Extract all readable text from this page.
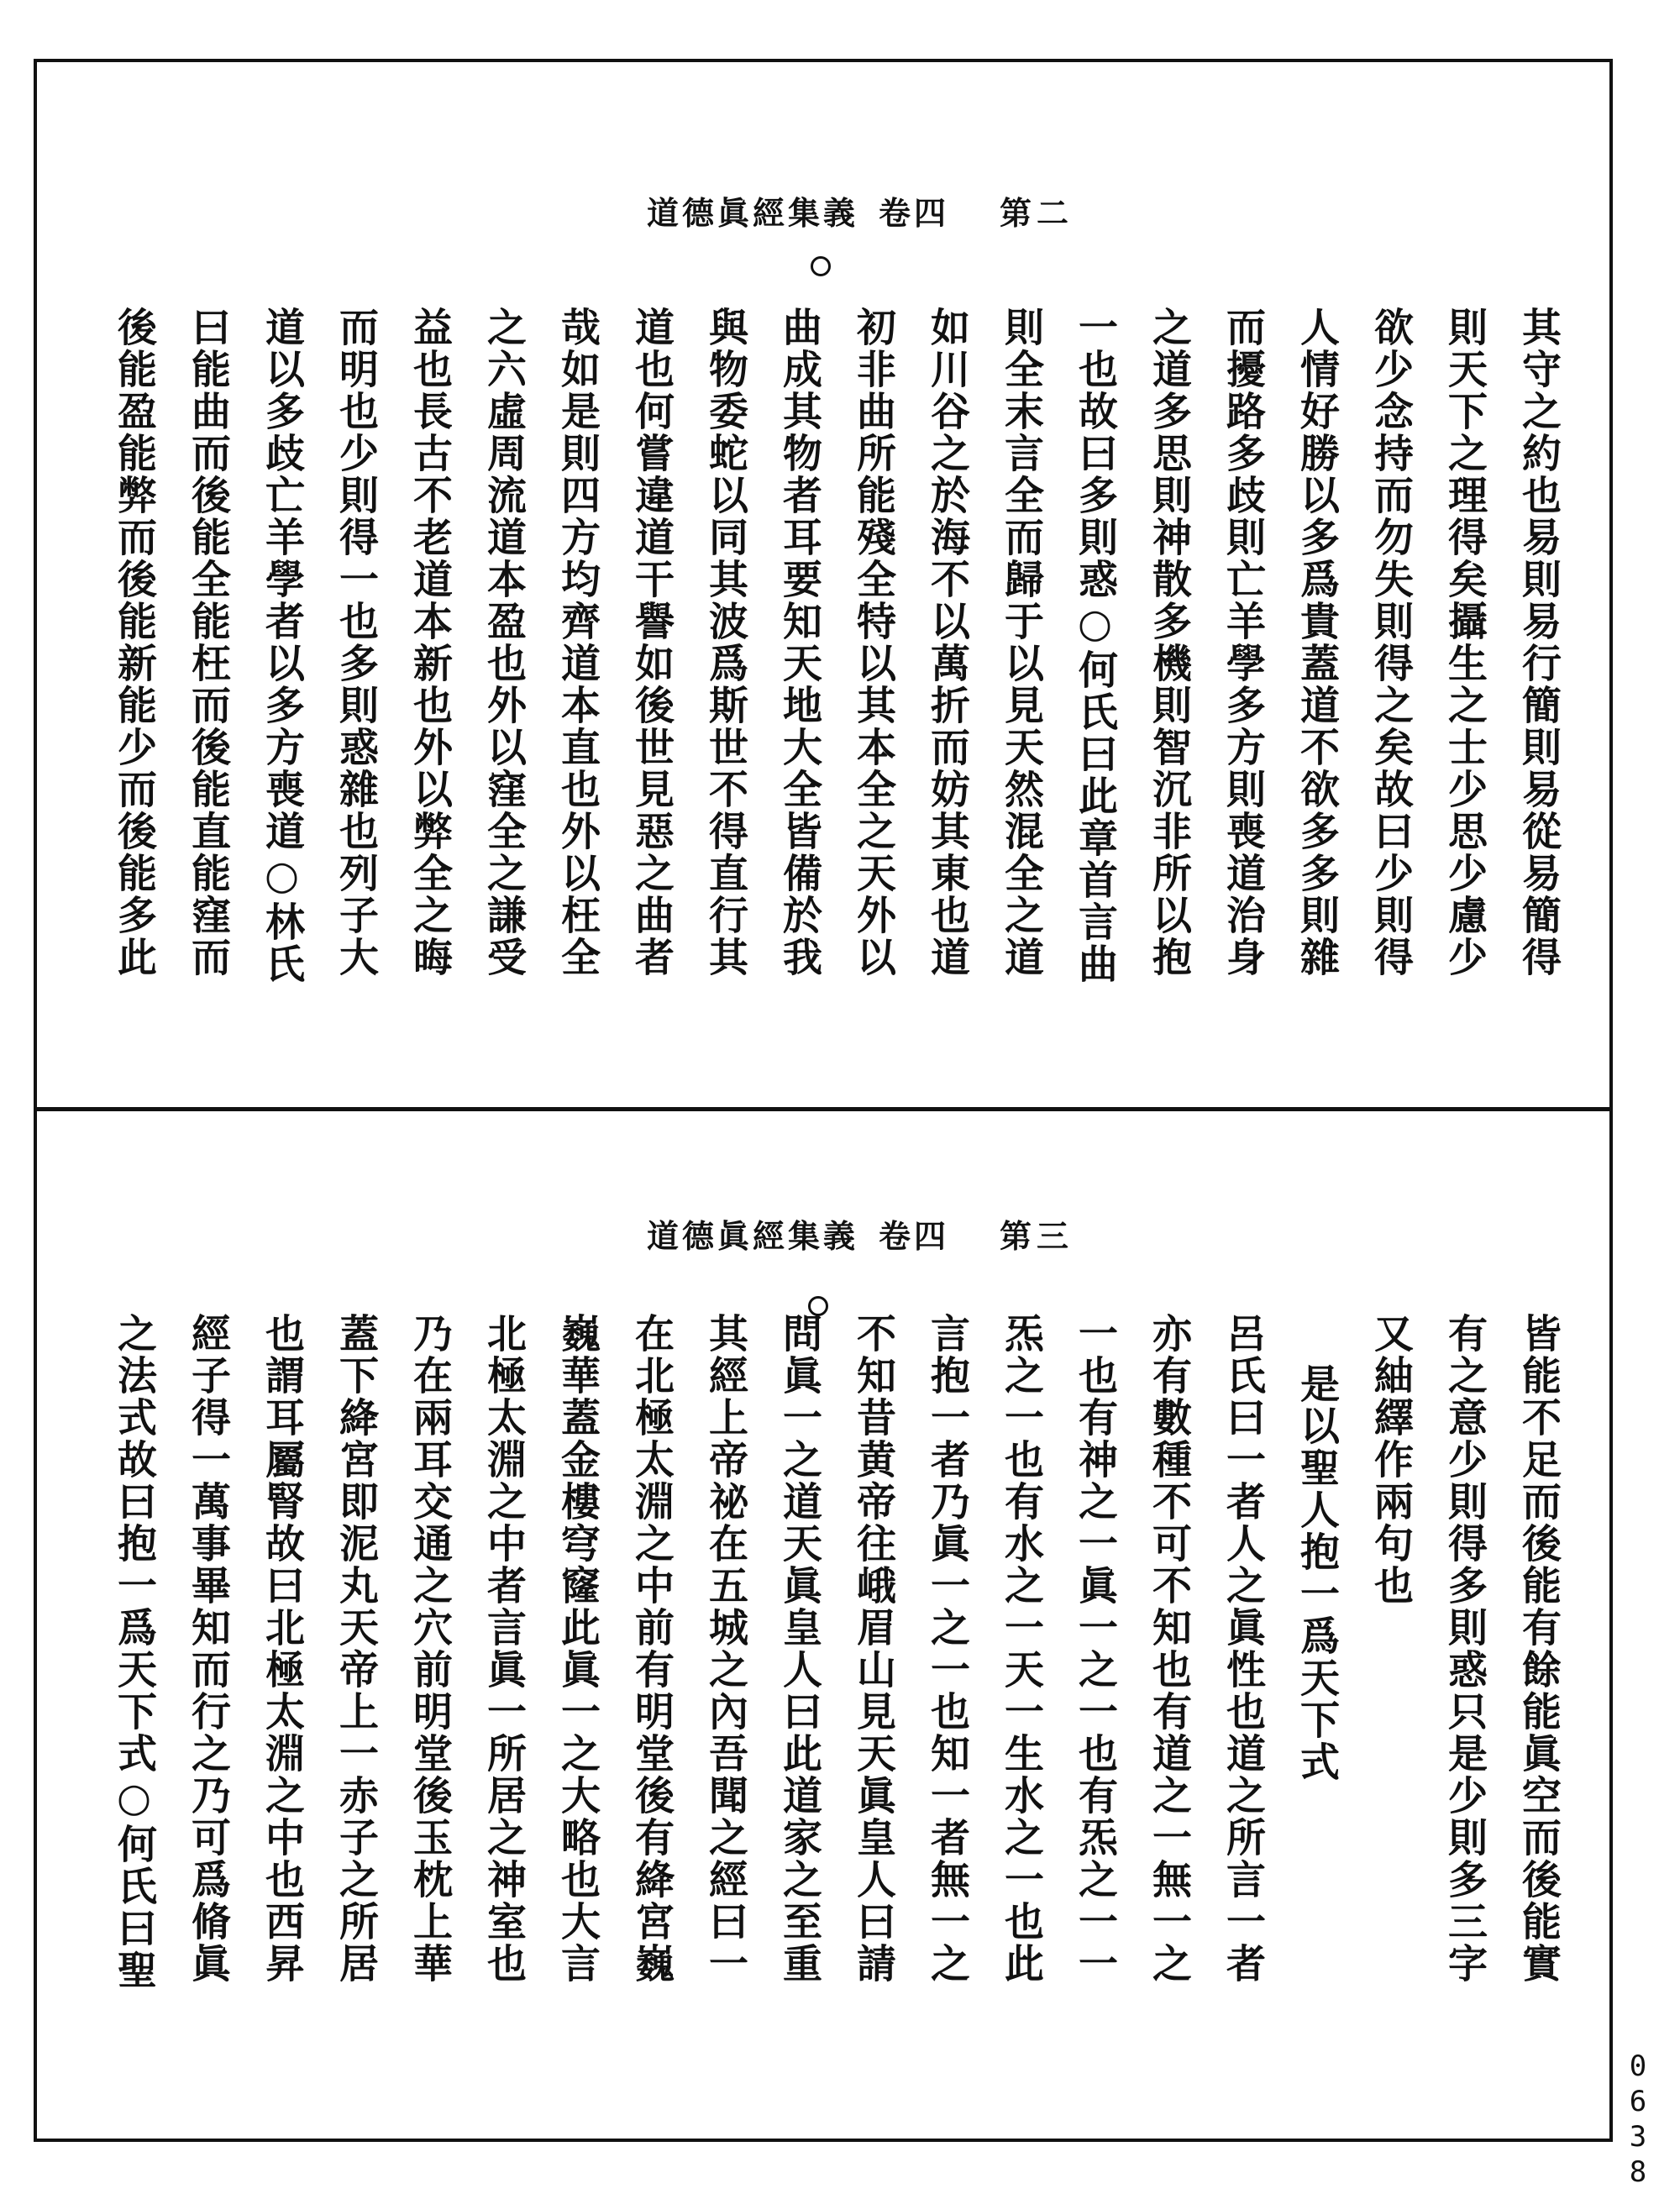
道德眞經集義 卷四 第二
其守之約也易則易行簡則易從易簡得
則天下之理得矣攝生之士少思少慮少
欲少念持而勿失則得之矣故曰少則得
人情好勝以多爲貴蓋道不欲多多則雜
而擾路多歧則亡羊學多方則喪道治身
之道多思則神散多機則智沉非所以抱
一也故曰多則惑○何氏曰此章首言曲
則全末言全而歸于以見天然混全之道
如川谷之於海不以萬折而妨其東也道
初非曲所能殘全特以其本全之天外以
曲成其物者耳要知天地大全皆備於我
與物委蛇以同其波爲斯世不得直行其
道也何嘗違道干譽如後世見惡之曲者
哉如是則四方均齊道本直也外以枉全
之六虛周流道本盈也外以窪全之謙受
益也長古不老道本新也外以弊全之晦
而明也少則得一也多則惑雜也列子大
道以多歧亡羊學者以多方喪道○林氏
曰能曲而後能全能枉而後能直能窪而
後能盈能弊而後能新能少而後能多此
道德眞經集義 卷四 第三
皆能不足而後能有餘能眞空而後能實
有之意少則得多則惑只是少則多三字
又紬繹作兩句也
是以聖人抱一爲天下式
呂氏曰一者人之眞性也道之所言一者
亦有數種不可不知也有道之一無一之
一也有神之一眞一之一也有炁之一一
炁之一也有水之一天一生水之一也此
言抱一者乃眞一之一也知一者無一之
不知昔黄帝往峨眉山見天眞皇人曰請
問眞一之道天眞皇人曰此道家之至重
其經上帝祕在五城之內吾聞之經曰一
在北極太淵之中前有明堂後有絳宮巍
巍華蓋金樓穹窿此眞一之大略也大言
北極太淵之中者言眞一所居之神室也
乃在兩耳交通之穴前明堂後玉枕上華
蓋下絳宮即泥丸天帝上一赤子之所居
也謂耳屬腎故曰北極太淵之中也西昇
經子得一萬事畢知而行之乃可爲脩眞
之法式故曰抱一爲天下式○何氏曰聖
0638
